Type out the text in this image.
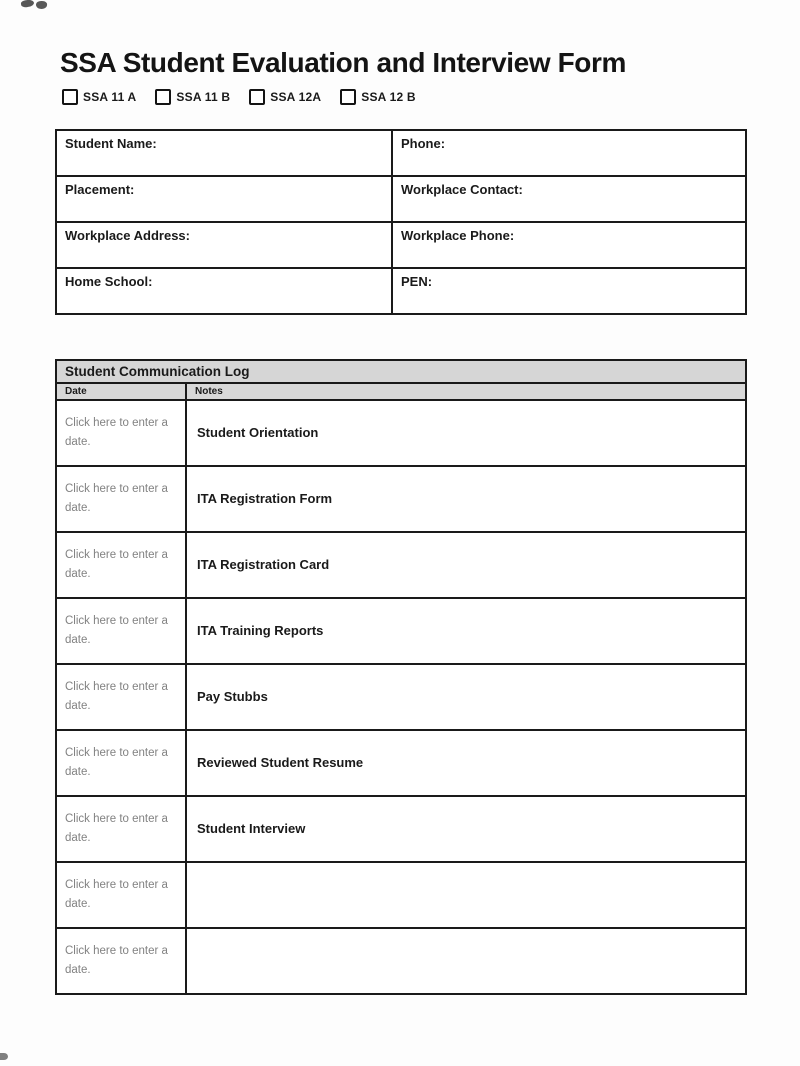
SSA Student Evaluation and Interview Form
SSA 11 A	SSA 11 B	SSA 12A	SSA 12 B
Student Name:	Phone:
Placement:	Workplace Contact:
Workplace Address:	Workplace Phone:
Home School:	PEN:
Student Communication Log	
Date	Notes
Click here to enter a date.	Student Orientation
Click here to enter a date.	ITA Registration Form
Click here to enter a date.	ITA Registration Card
Click here to enter a date.	ITA Training Reports
Click here to enter a date.	Pay Stubbs
Click here to enter a date.	Reviewed Student Resume
Click here to enter a date.	Student Interview
Click here to enter a date.	
Click here to enter a date.	
